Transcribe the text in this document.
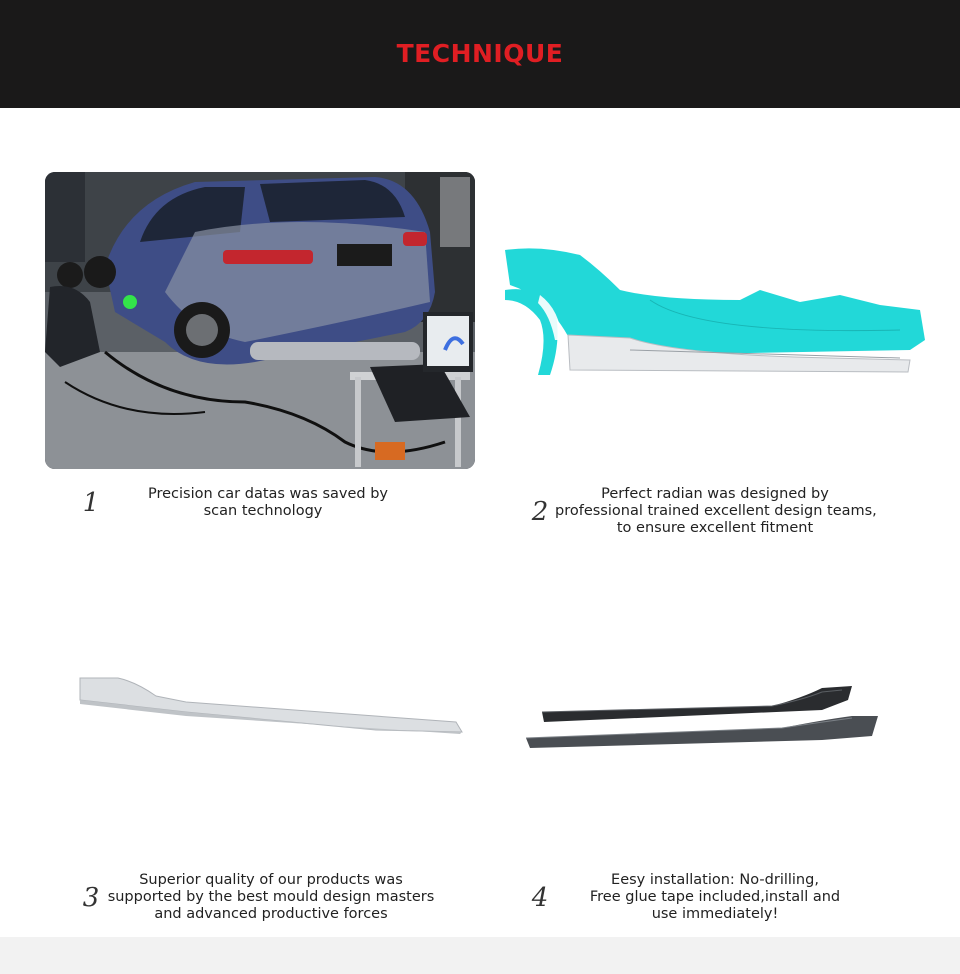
TECHNIQUE
1	Precision car datas was saved by
scan technology	2
Perfect radian was designed by
professional trained excellent design teams,
to ensure excellent fitment
3
Superior quality of our products was
supported by the best mould design masters
and advanced productive forces
4
Eesy installation: No-drilling,
Free glue tape included,install and
use immediately!
